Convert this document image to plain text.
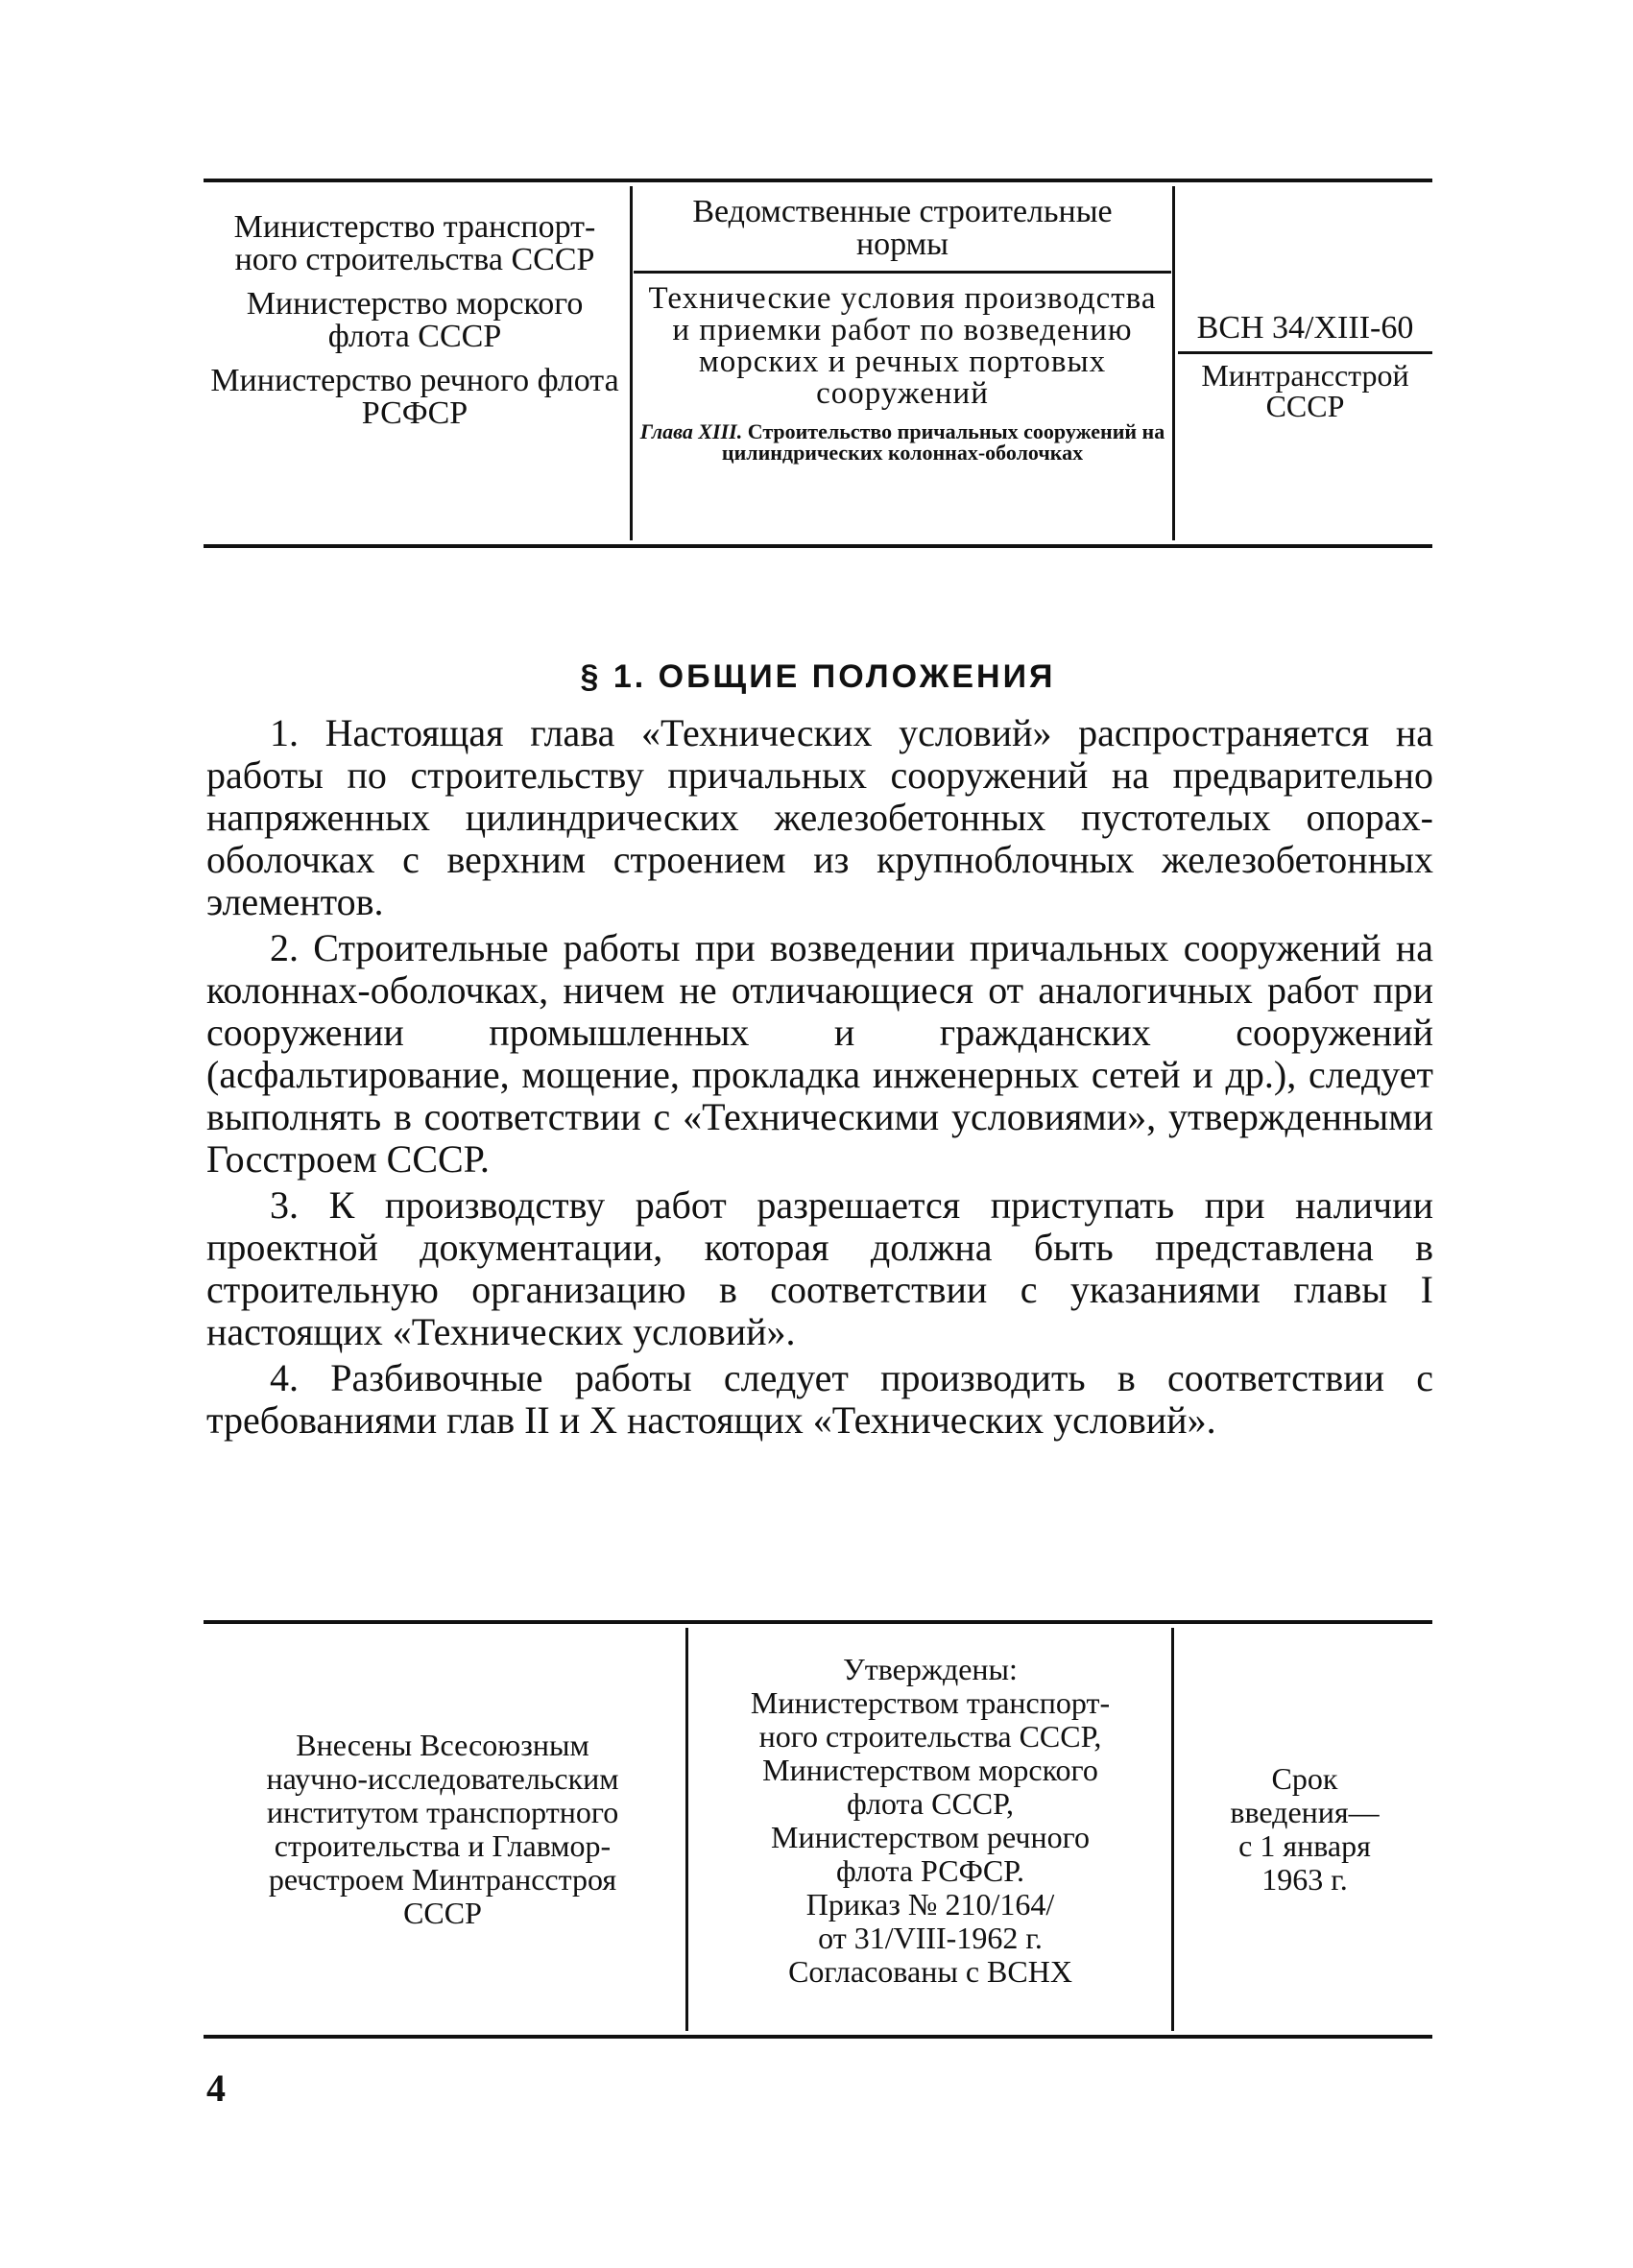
Министерство транспорт-ного строительства СССР
Министерство морского флота СССР
Министерство речного флота РСФСР
Ведомственные строительные нормы
Технические условия производства и приемки работ по возведению морских и речных портовых сооружений
Глава XIII. Строительство причальных сооружений на цилиндрических колоннах-оболочках
ВСН 34/XIII-60
Минтрансстрой СССР
§ 1. ОБЩИЕ ПОЛОЖЕНИЯ

1. Настоящая глава «Технических условий» распространяется на работы по строительству причальных сооружений на предварительно напряженных цилиндрических железобетонных пустотелых опорах-оболочках с верхним строением из крупноблочных железобетонных элементов.

2. Строительные работы при возведении причальных сооружений на колоннах-оболочках, ничем не отличающиеся от аналогичных работ при сооружении промышленных и гражданских сооружений (асфальтирование, мощение, прокладка инженерных сетей и др.), следует выполнять в соответствии с «Техническими условиями», утвержденными Госстроем СССР.

3. К производству работ разрешается приступать при наличии проектной документации, которая должна быть представлена в строительную организацию в соответствии с указаниями главы I настоящих «Технических условий».

4. Разбивочные работы следует производить в соответствии с требованиями глав II и X настоящих «Технических условий».

Внесены Всесоюзным
научно-исследовательским
институтом транспортного
строительства и Главмор-
речстроем Минтрансстроя
СССР
Утверждены:
Министерством транспорт-
ного строительства СССР,
Министерством морского
флота СССР,
Министерством речного
флота РСФСР.
Приказ № 210/164/
от 31/VIII-1962 г.
Согласованы с ВСНХ
Срок
введения—
с 1 января
1963 г.
4
